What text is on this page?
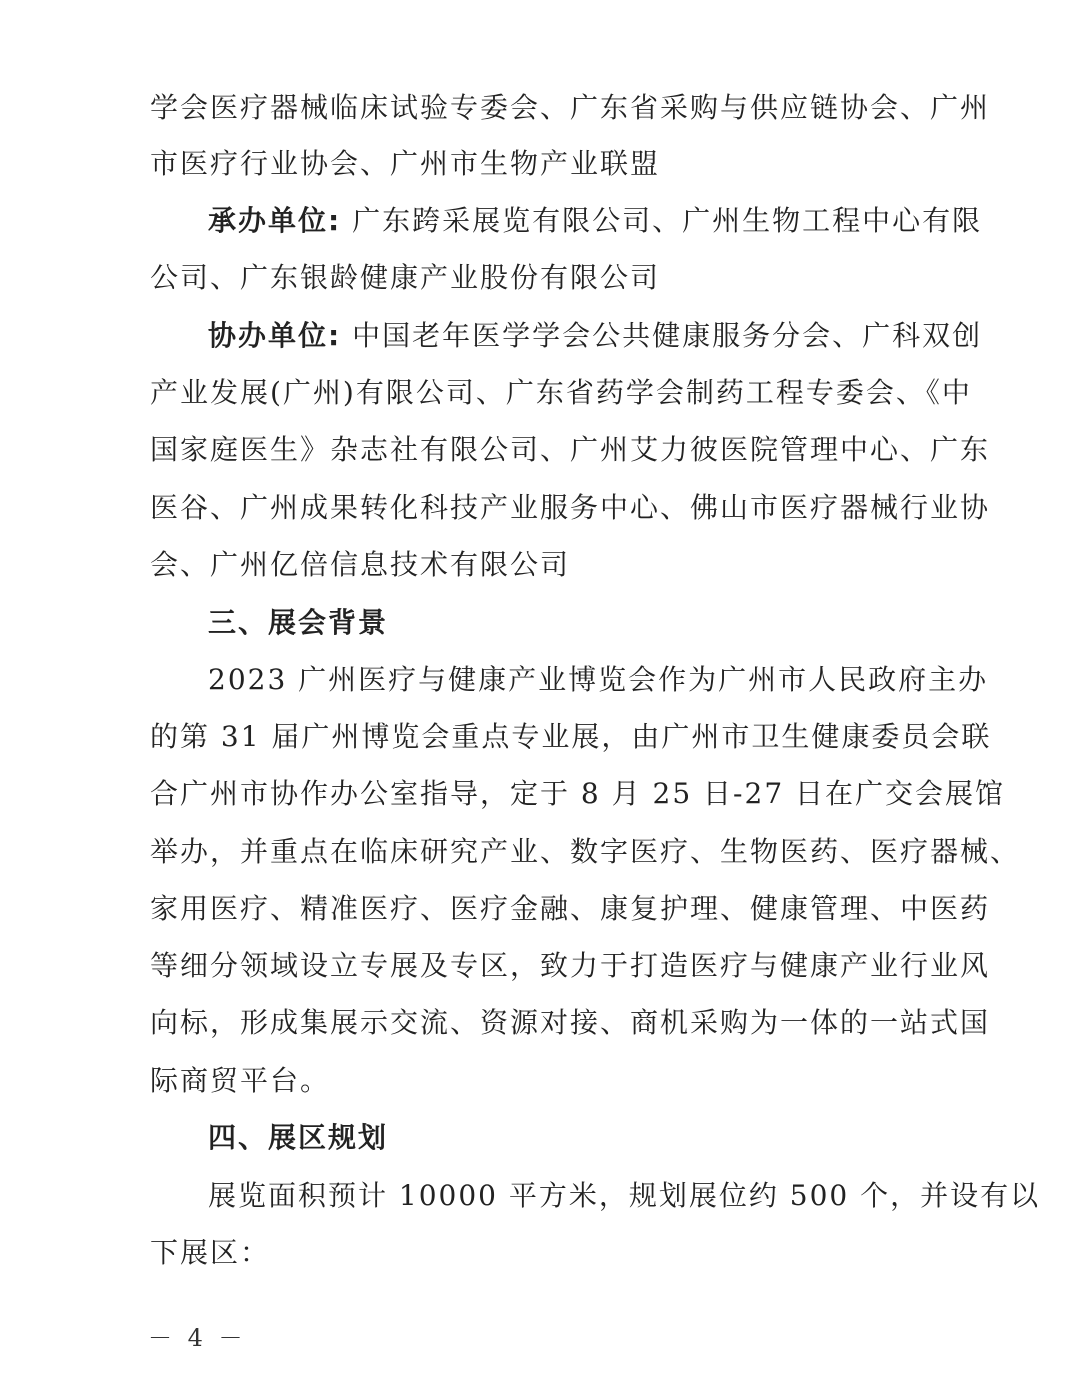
学会医疗器械临床试验专委会、广东省采购与供应链协会、广州
市医疗行业协会、广州市生物产业联盟
承办单位: 广东跨采展览有限公司、广州生物工程中心有限
公司、广东银龄健康产业股份有限公司
协办单位: 中国老年医学学会公共健康服务分会、广科双创
产业发展(广州)有限公司、广东省药学会制药工程专委会、《中
国家庭医生》杂志社有限公司、广州艾力彼医院管理中心、广东
医谷、广州成果转化科技产业服务中心、佛山市医疗器械行业协
会、广州亿倍信息技术有限公司
三、展会背景
2023 广州医疗与健康产业博览会作为广州市人民政府主办
的第 31 届广州博览会重点专业展，由广州市卫生健康委员会联
合广州市协作办公室指导，定于 8 月 25 日-27 日在广交会展馆
举办，并重点在临床研究产业、数字医疗、生物医药、医疗器械、
家用医疗、精准医疗、医疗金融、康复护理、健康管理、中医药
等细分领域设立专展及专区，致力于打造医疗与健康产业行业风
向标，形成集展示交流、资源对接、商机采购为一体的一站式国
际商贸平台。
四、展区规划
展览面积预计 10000 平方米，规划展位约 500 个，并设有以
下展区：
－ 4 －
